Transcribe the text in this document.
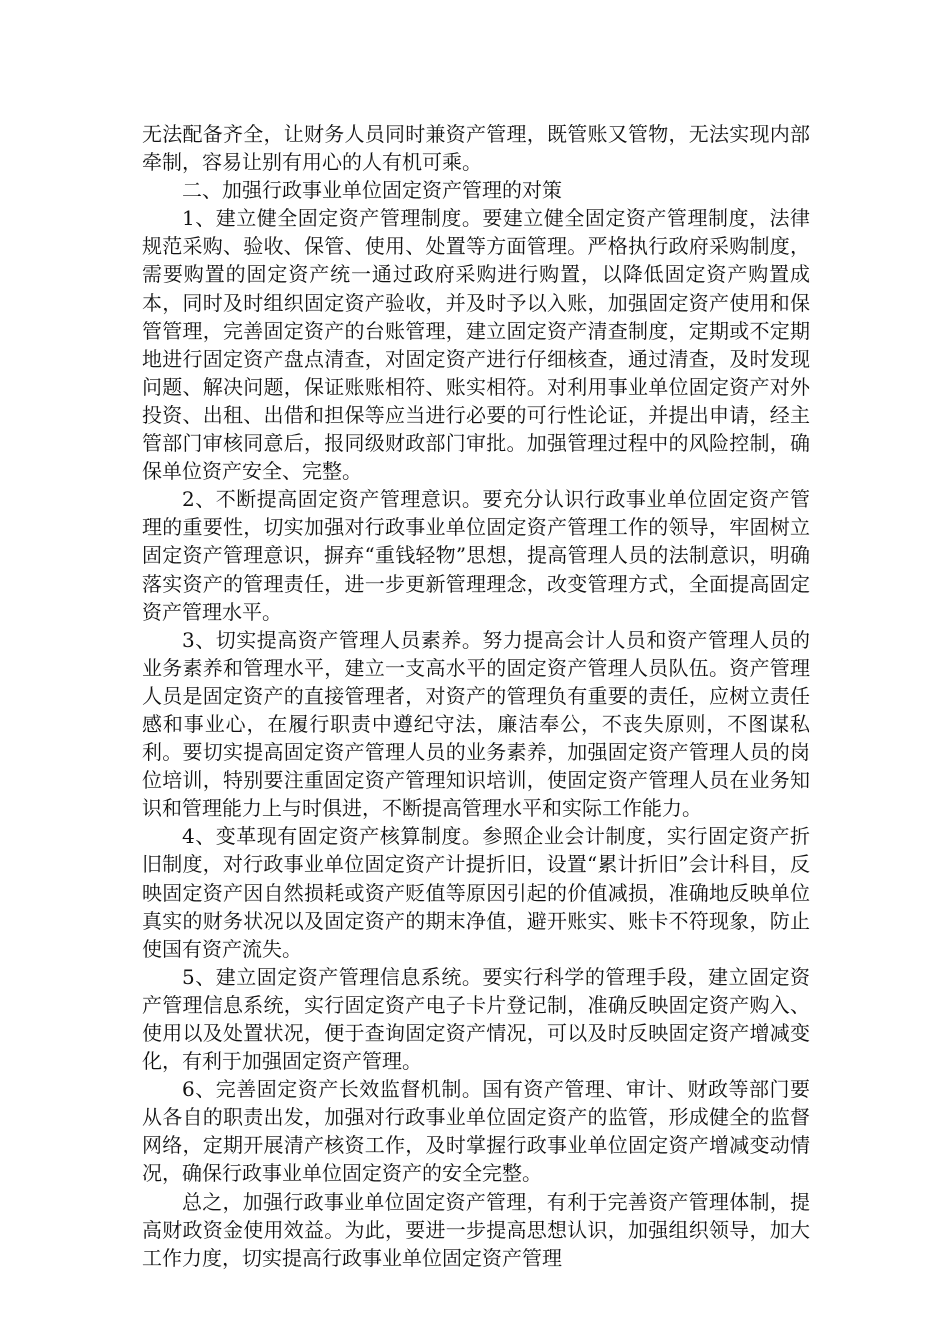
无法配备齐全，让财务人员同时兼资产管理，既管账又管物，无法实现内部牵制，容易让别有用心的人有机可乘。

二、加强行政事业单位固定资产管理的对策

1、建立健全固定资产管理制度。要建立健全固定资产管理制度，法律规范采购、验收、保管、使用、处置等方面管理。严格执行政府采购制度，需要购置的固定资产统一通过政府采购进行购置，以降低固定资产购置成本，同时及时组织固定资产验收，并及时予以入账，加强固定资产使用和保管管理，完善固定资产的台账管理，建立固定资产清查制度，定期或不定期地进行固定资产盘点清查，对固定资产进行仔细核查，通过清查，及时发现问题、解决问题，保证账账相符、账实相符。对利用事业单位固定资产对外投资、出租、出借和担保等应当进行必要的可行性论证，并提出申请，经主管部门审核同意后，报同级财政部门审批。加强管理过程中的风险控制，确保单位资产安全、完整。

2、不断提高固定资产管理意识。要充分认识行政事业单位固定资产管理的重要性，切实加强对行政事业单位固定资产管理工作的领导，牢固树立固定资产管理意识，摒弃“重钱轻物”思想，提高管理人员的法制意识，明确落实资产的管理责任，进一步更新管理理念，改变管理方式，全面提高固定资产管理水平。

3、切实提高资产管理人员素养。努力提高会计人员和资产管理人员的业务素养和管理水平，建立一支高水平的固定资产管理人员队伍。资产管理人员是固定资产的直接管理者，对资产的管理负有重要的责任，应树立责任感和事业心，在履行职责中遵纪守法，廉洁奉公，不丧失原则，不图谋私利。要切实提高固定资产管理人员的业务素养，加强固定资产管理人员的岗位培训，特别要注重固定资产管理知识培训，使固定资产管理人员在业务知识和管理能力上与时俱进，不断提高管理水平和实际工作能力。

4、变革现有固定资产核算制度。参照企业会计制度，实行固定资产折旧制度，对行政事业单位固定资产计提折旧，设置“累计折旧”会计科目，反映固定资产因自然损耗或资产贬值等原因引起的价值减损，准确地反映单位真实的财务状况以及固定资产的期末净值，避开账实、账卡不符现象，防止使国有资产流失。

5、建立固定资产管理信息系统。要实行科学的管理手段，建立固定资产管理信息系统，实行固定资产电子卡片登记制，准确反映固定资产购入、使用以及处置状况，便于查询固定资产情况，可以及时反映固定资产增减变化，有利于加强固定资产管理。

6、完善固定资产长效监督机制。国有资产管理、审计、财政等部门要从各自的职责出发，加强对行政事业单位固定资产的监管，形成健全的监督网络，定期开展清产核资工作，及时掌握行政事业单位固定资产增减变动情况，确保行政事业单位固定资产的安全完整。

总之，加强行政事业单位固定资产管理，有利于完善资产管理体制，提高财政资金使用效益。为此，要进一步提高思想认识，加强组织领导，加大工作力度，切实提高行政事业单位固定资产管理
